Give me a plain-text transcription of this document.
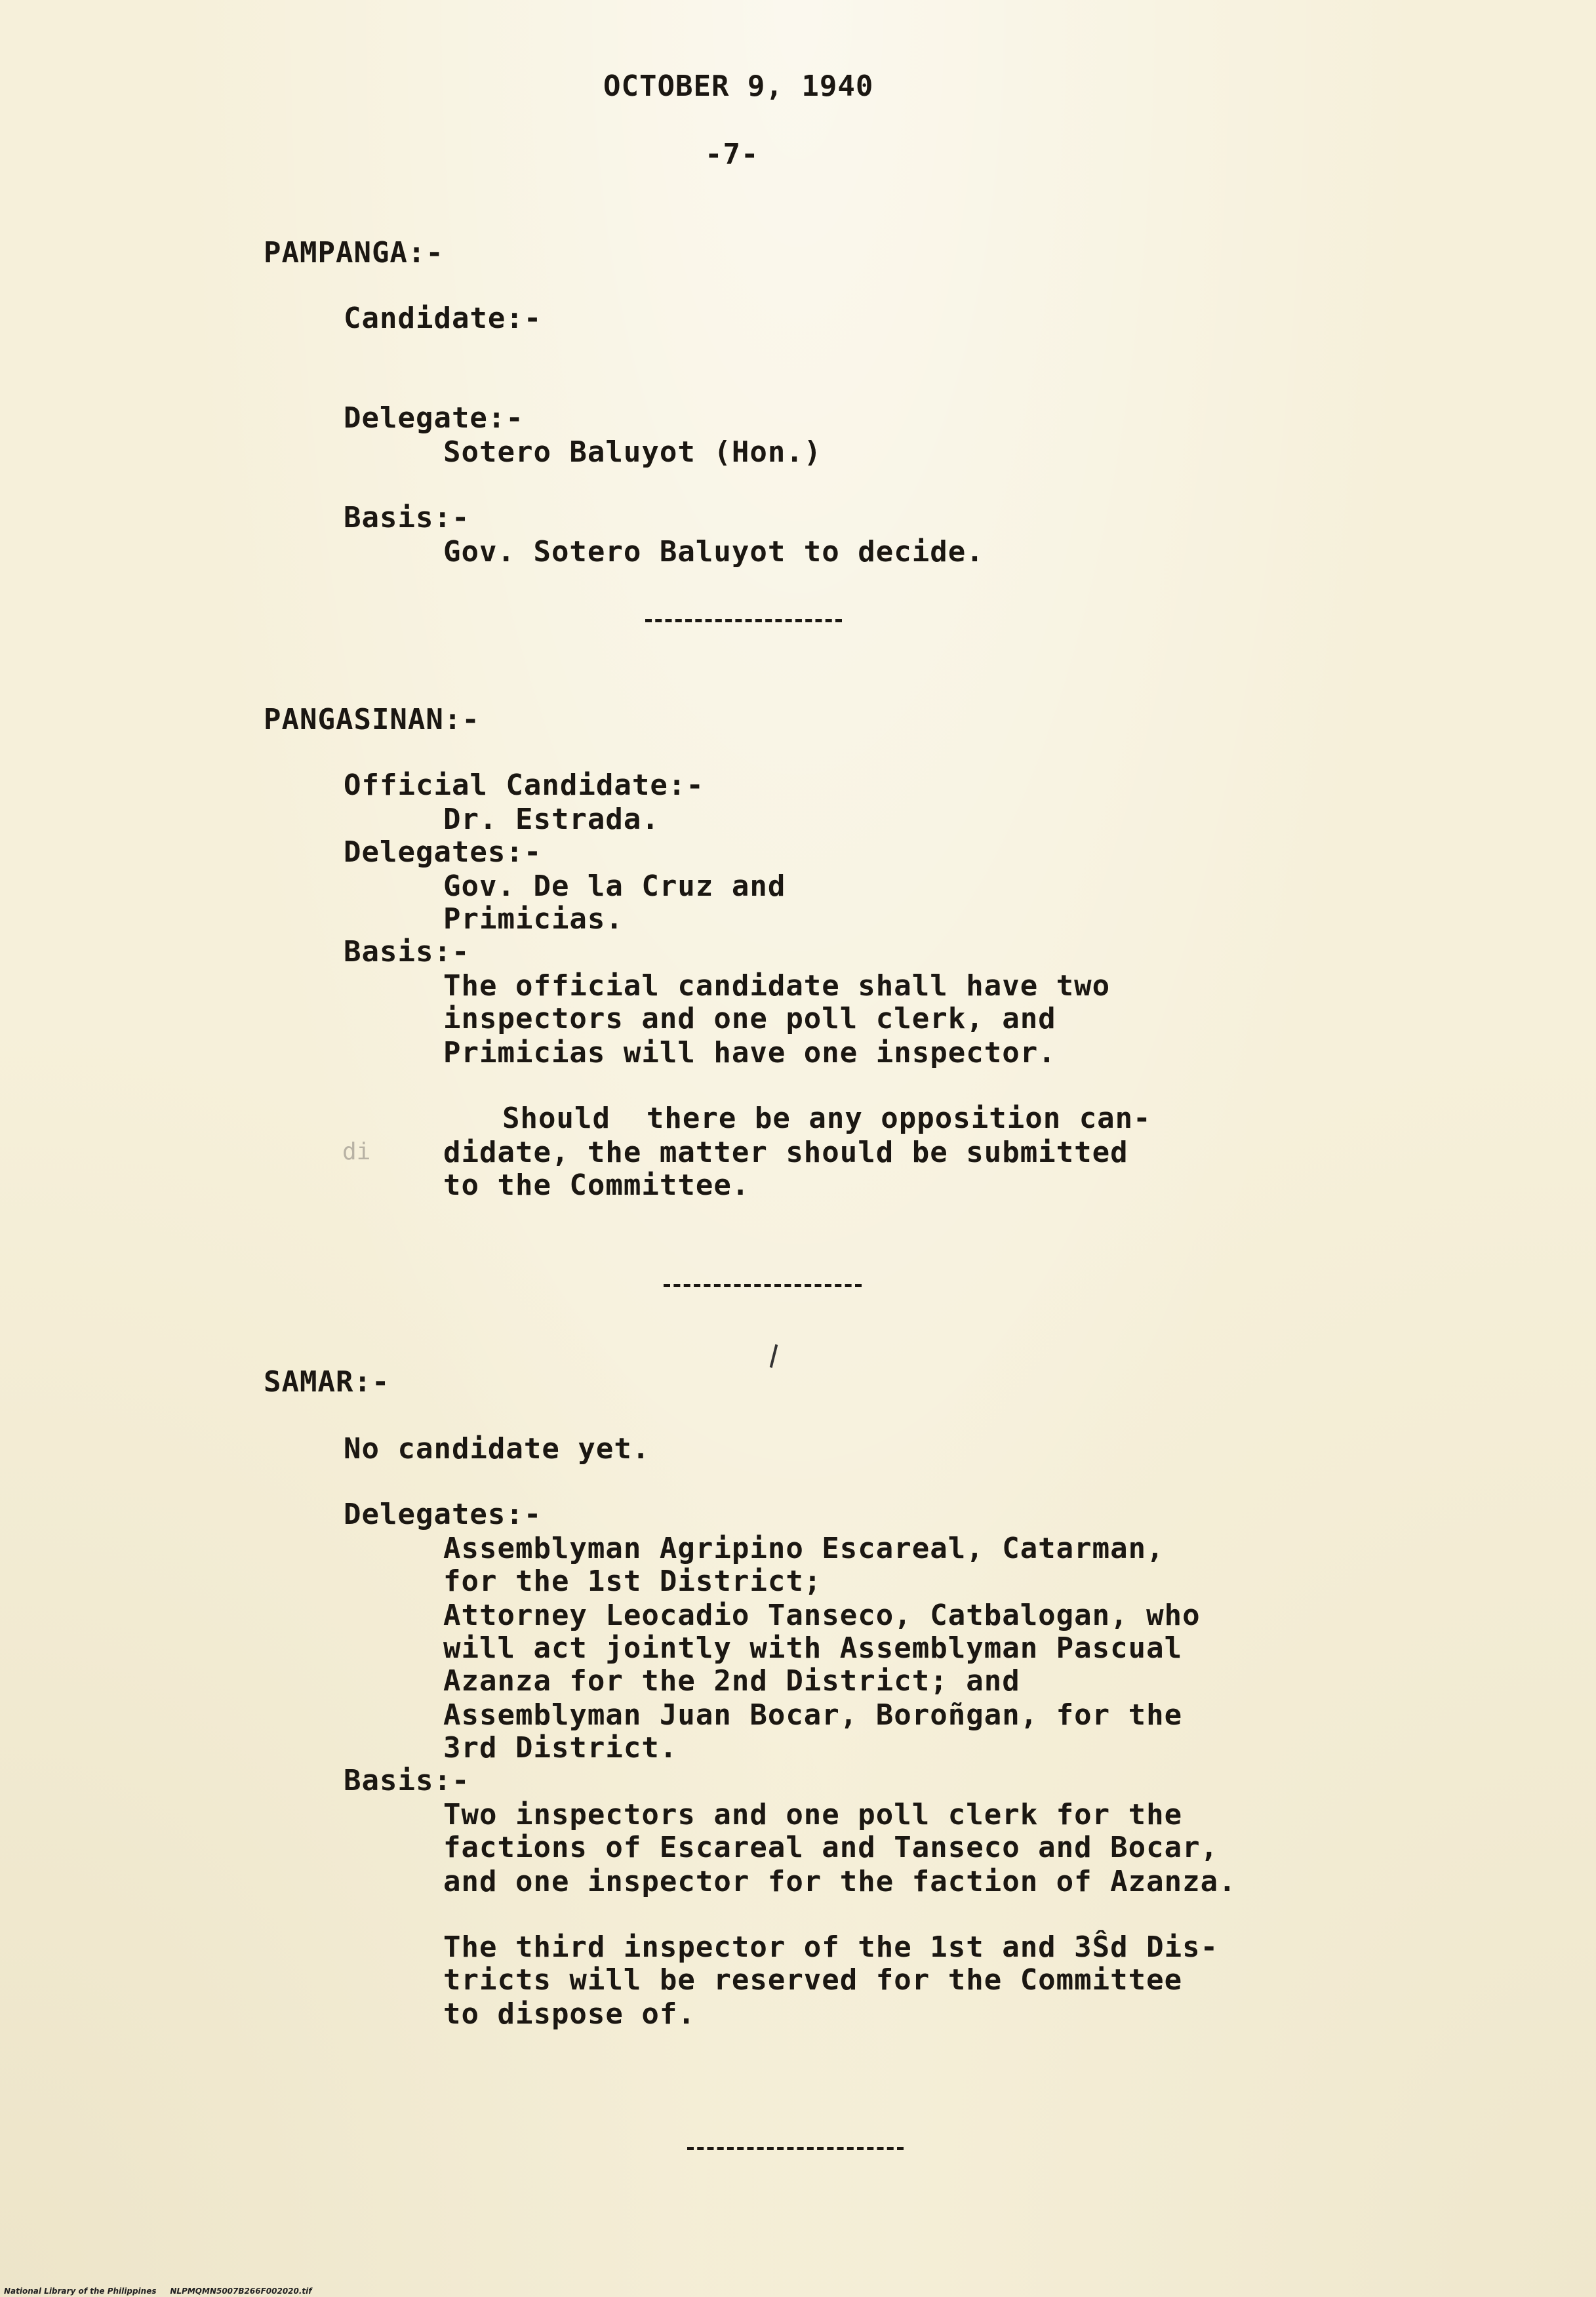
OCTOBER 9, 1940
-7-
PAMPANGA:-
Candidate:-
Delegate:-
Sotero Baluyot (Hon.)
Basis:-
Gov. Sotero Baluyot to decide.
PANGASINAN:-
Official Candidate:-
Dr. Estrada.
Delegates:-
Gov. De la Cruz and
Primicias.
Basis:-
The official candidate shall have two
inspectors and one poll clerk, and
Primicias will have one inspector.
Should  there be any opposition can-
di	didate, the matter should be submitted
to the Committee.
SAMAR:-
No candidate yet.
Delegates:-
Assemblyman Agripino Escareal, Catarman,
for the 1st District;
Attorney Leocadio Tanseco, Catbalogan, who
will act jointly with Assemblyman Pascual
Azanza for the 2nd District; and
Assemblyman Juan Bocar, Boroñgan, for the
3rd District.
Basis:-
Two inspectors and one poll clerk for the
factions of Escareal and Tanseco and Bocar,
and one inspector for the faction of Azanza.
The third inspector of the 1st and 3Ŝd Dis-
tricts will be reserved for the Committee
to dispose of.
National Library of the Philippines     NLPMQMN5007B266F002020.tif
